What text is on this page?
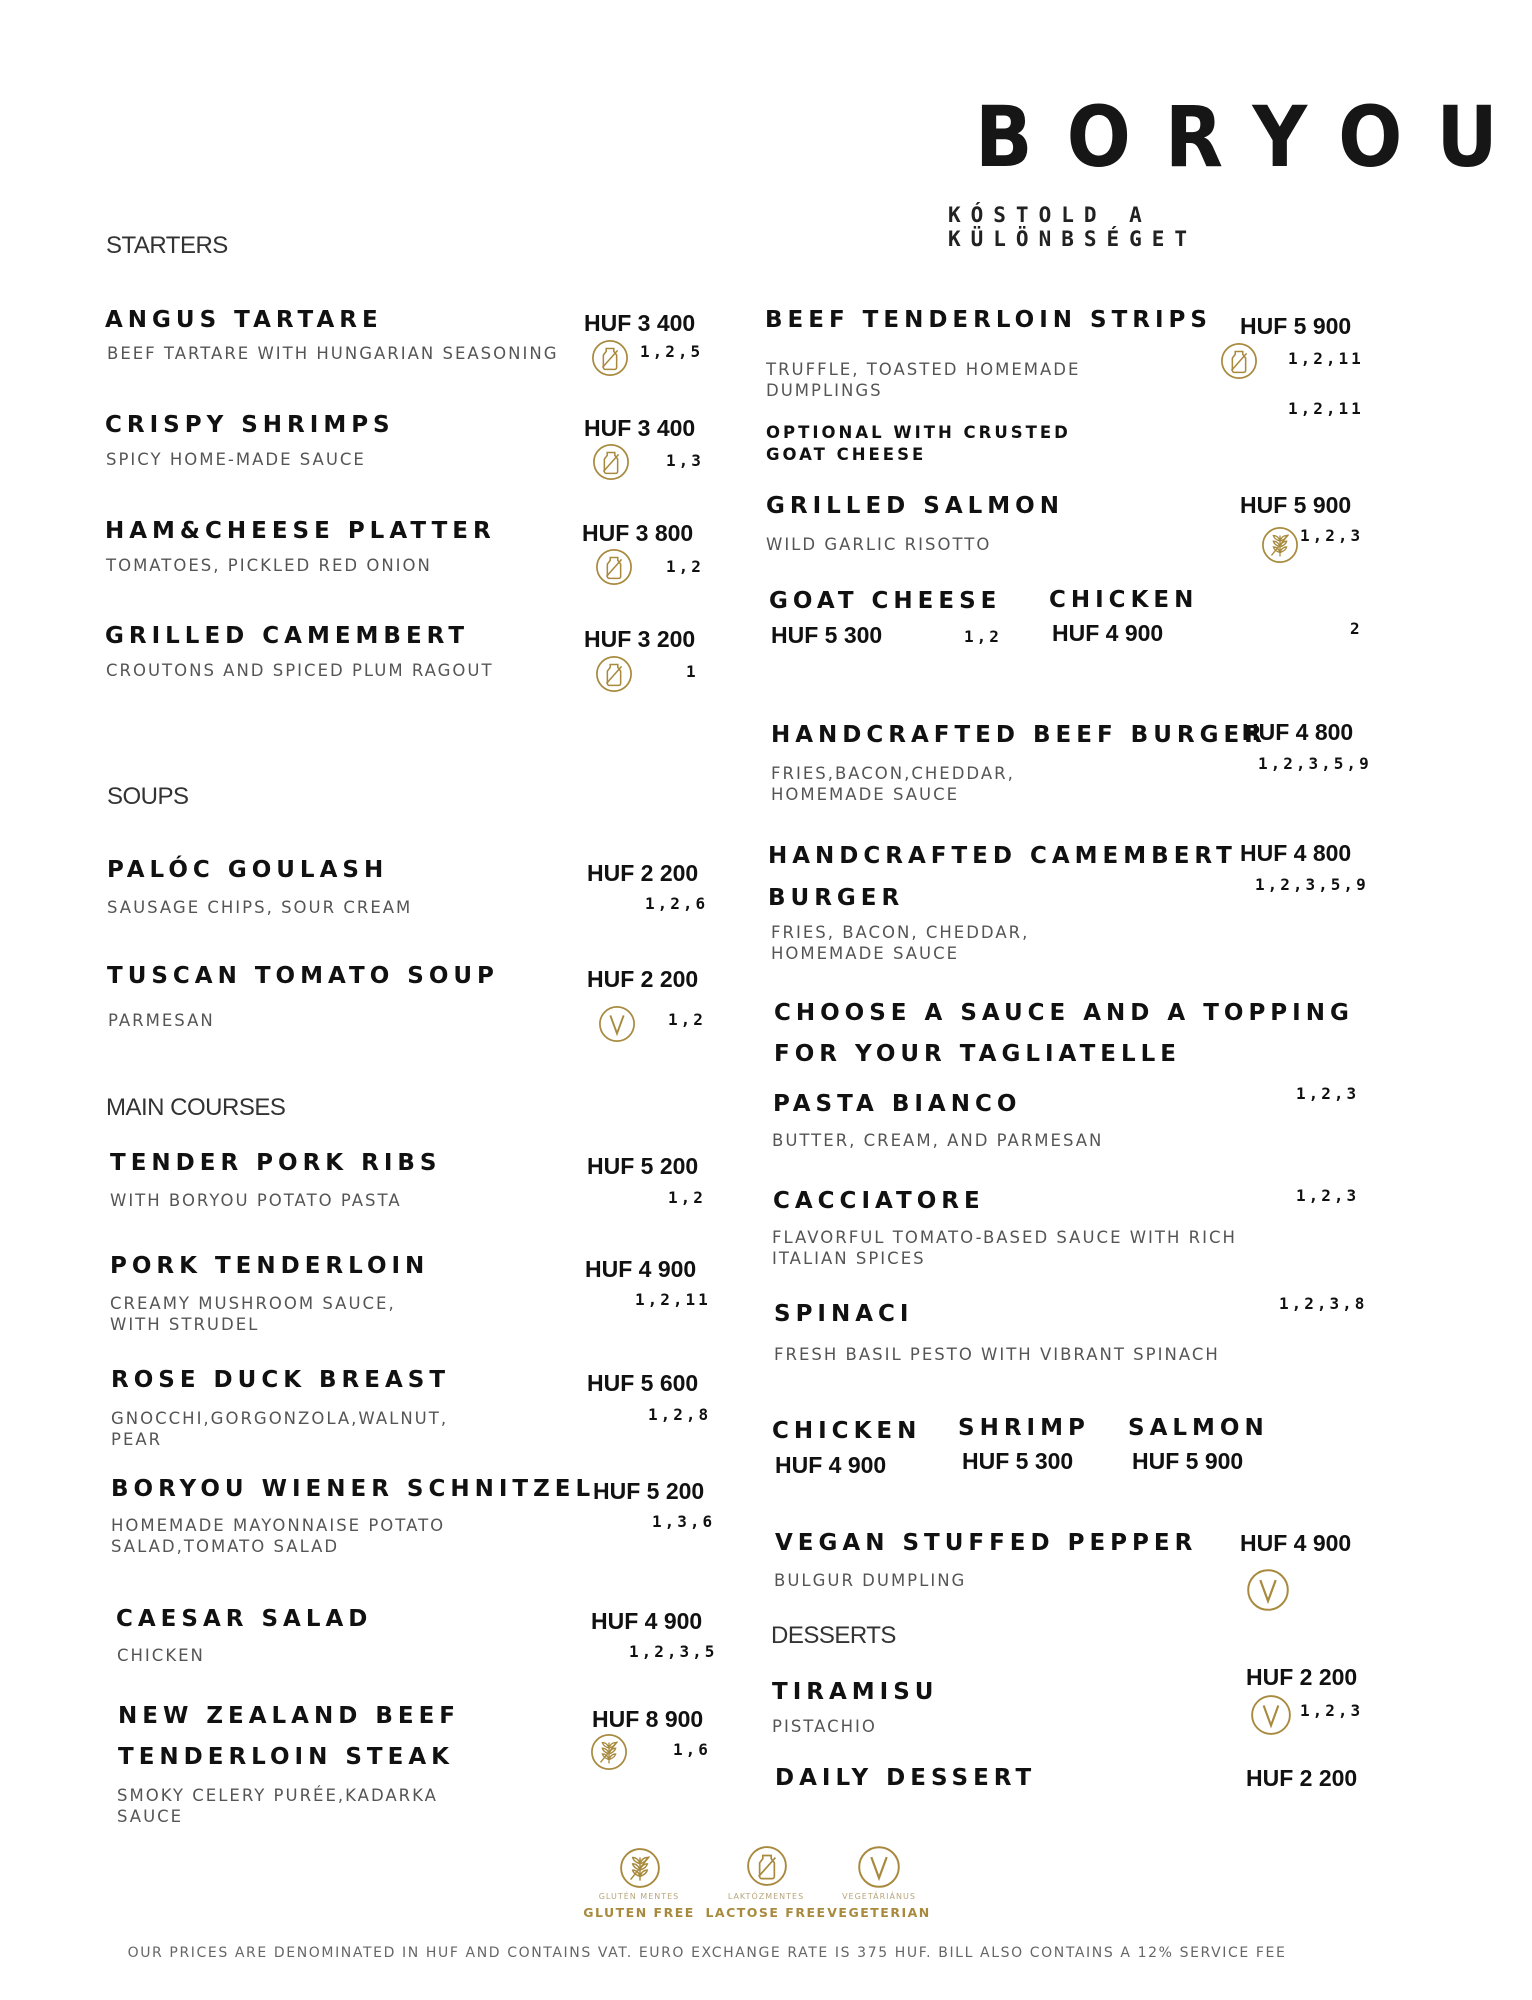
BORYOU
KÓSTOLD A KÜLÖNBSÉGET
STARTERS
ANGUS TARTARE
BEEF TARTARE WITH HUNGARIAN SEASONING
HUF 3 400
1,2,5
CRISPY SHRIMPS
SPICY HOME-MADE SAUCE
HUF 3 400
1,3
HAM&CHEESE PLATTER
TOMATOES, PICKLED RED ONION
HUF 3 800
1,2
GRILLED CAMEMBERT
CROUTONS AND SPICED PLUM RAGOUT
HUF 3 200
1
SOUPS
PALÓC GOULASH
SAUSAGE CHIPS, SOUR CREAM
HUF 2 200
1,2,6
TUSCAN TOMATO SOUP
PARMESAN
HUF 2 200
1,2
MAIN COURSES
TENDER PORK RIBS
WITH BORYOU POTATO PASTA
HUF 5 200
1,2
PORK TENDERLOIN
CREAMY MUSHROOM SAUCE,
WITH STRUDEL
HUF 4 900
1,2,11
ROSE DUCK BREAST
GNOCCHI,GORGONZOLA,WALNUT,
PEAR
HUF 5 600
1,2,8
BORYOU WIENER SCHNITZEL
HOMEMADE MAYONNAISE POTATO
SALAD,TOMATO SALAD
HUF 5 200
1,3,6
CAESAR SALAD
CHICKEN
HUF 4 900
1,2,3,5
NEW ZEALAND BEEF
TENDERLOIN STEAK
SMOKY CELERY PURÉE,KADARKA
SAUCE
HUF 8 900
1,6
BEEF TENDERLOIN STRIPS
TRUFFLE, TOASTED HOMEMADE
DUMPLINGS
OPTIONAL WITH CRUSTED
GOAT CHEESE
HUF 5 900
1,2,11
1,2,11
GRILLED SALMON
WILD GARLIC RISOTTO
HUF 5 900
1,2,3
GOAT CHEESE
HUF 5 300	1,2
CHICKEN
HUF 4 900	2
HANDCRAFTED BEEF BURGER
FRIES,BACON,CHEDDAR,
HOMEMADE SAUCE
HUF 4 800
1,2,3,5,9
HANDCRAFTED CAMEMBERT
BURGER
FRIES, BACON, CHEDDAR,
HOMEMADE SAUCE
HUF 4 800
1,2,3,5,9
CHOOSE A SAUCE AND A TOPPING
FOR YOUR TAGLIATELLE
PASTA BIANCO
BUTTER, CREAM, AND PARMESAN
1,2,3
CACCIATORE
FLAVORFUL TOMATO-BASED SAUCE WITH RICH
ITALIAN SPICES
1,2,3
SPINACI
FRESH BASIL PESTO WITH VIBRANT SPINACH
1,2,3,8
CHICKEN
HUF 4 900
SHRIMP
HUF 5 300
SALMON
HUF 5 900
VEGAN STUFFED PEPPER
BULGUR DUMPLING
HUF 4 900
DESSERTS
TIRAMISU
PISTACHIO
HUF 2 200
1,2,3
DAILY DESSERT	HUF 2 200
GLUTÉN MENTES
GLUTEN FREE
LAKTÓZMENTES
LACTOSE FREE
VEGETÁRIÁNUS
VEGETERIAN
OUR PRICES ARE DENOMINATED IN HUF AND CONTAINS VAT. EURO EXCHANGE RATE IS 375 HUF. BILL ALSO CONTAINS A 12% SERVICE FEE
